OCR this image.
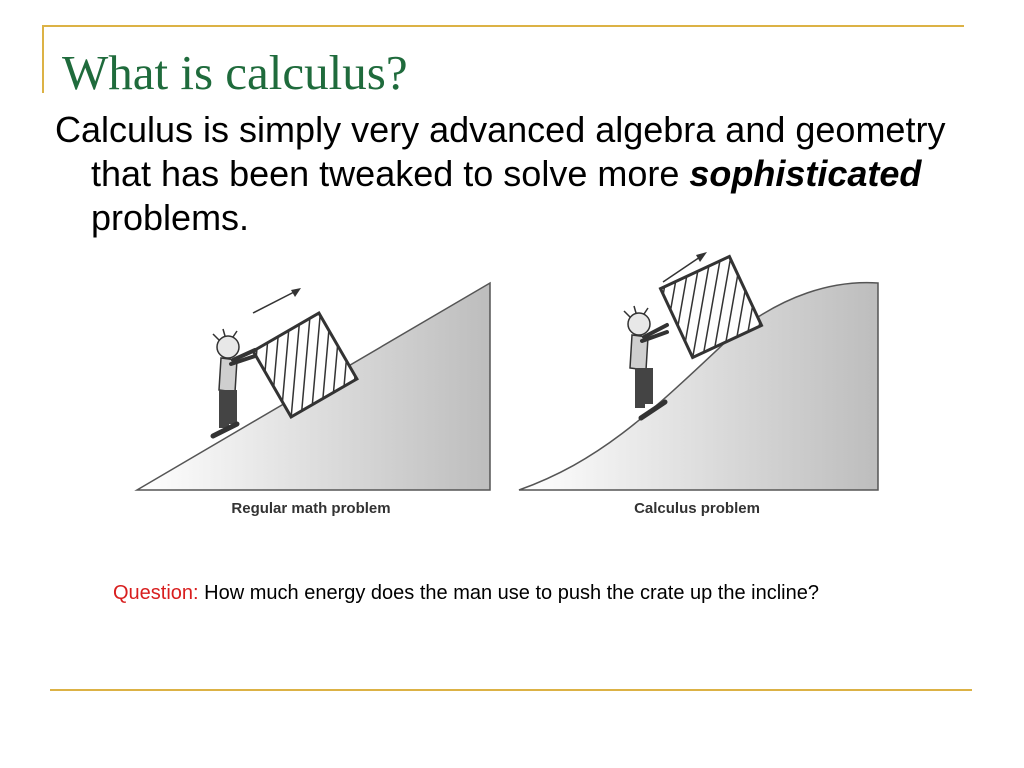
What is calculus?

Calculus is simply very advanced algebra and geometry that has been tweaked to solve more sophisticated problems.

Regular math problem	Calculus problem

Question: How much energy does the man use to push the crate up the incline?
